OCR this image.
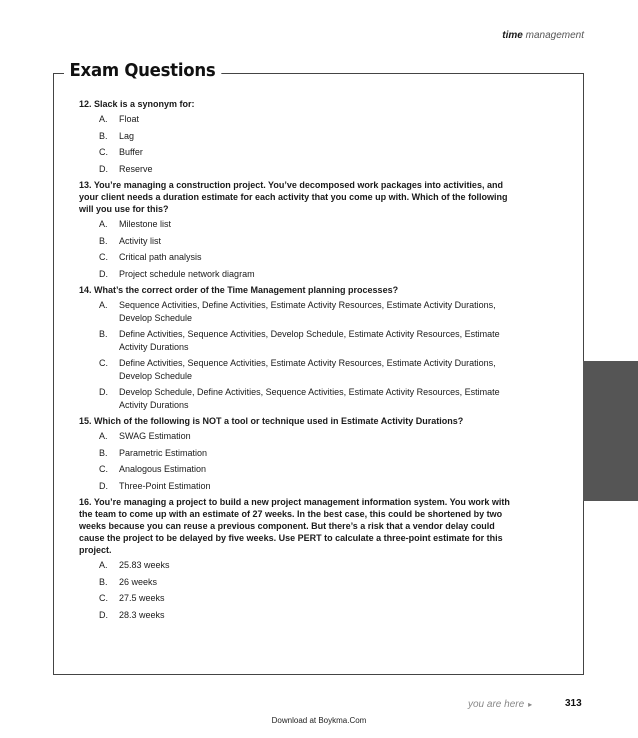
time management
Exam Questions

12. Slack is a synonym for:

A.	Float
B.	Lag
C.	Buffer
D.	Reserve

13. You’re managing a construction project. You’ve decomposed work packages into activities, and your client needs a duration estimate for each activity that you come up with. Which of the following will you use for this?

A.	Milestone list
B.	Activity list
C.	Critical path analysis
D.	Project schedule network diagram

14. What’s the correct order of the Time Management planning processes?

A.	Sequence Activities, Define Activities, Estimate Activity Resources, Estimate Activity Durations, Develop Schedule
B.	Define Activities, Sequence Activities, Develop Schedule, Estimate Activity Resources, Estimate Activity Durations
C.	Define Activities, Sequence Activities, Estimate Activity Resources, Estimate Activity Durations, Develop Schedule
D.	Develop Schedule, Define Activities, Sequence Activities, Estimate Activity Resources, Estimate Activity Durations

15. Which of the following is NOT a tool or technique used in Estimate Activity Durations?

A.	SWAG Estimation
B.	Parametric Estimation
C.	Analogous Estimation
D.	Three-Point Estimation

16. You’re managing a project to build a new project management information system. You work with the team to come up with an estimate of 27 weeks. In the best case, this could be shortened by two weeks because you can reuse a previous component. But there’s a risk that a vendor delay could cause the project to be delayed by five weeks. Use PERT to calculate a three-point estimate for this project.

A.	25.83 weeks
B.	26 weeks
C.	27.5 weeks
D.	28.3 weeks
you are here ▸	313
Download at Boykma.Com
